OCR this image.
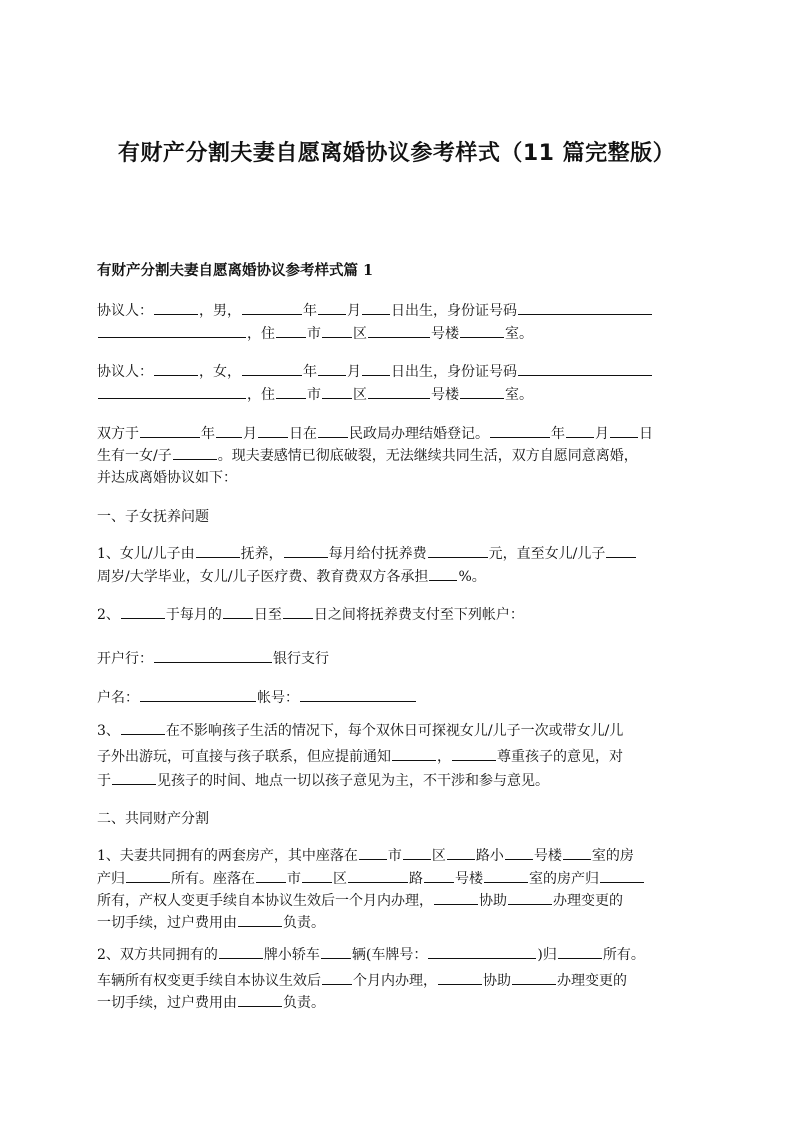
有财产分割夫妻自愿离婚协议参考样式（11 篇完整版）
有财产分割夫妻自愿离婚协议参考样式篇 1
协议人：	，男，	年 月 日出生，身份证号码
，住 市 区	号楼	室。
协议人：	，女，	年 月 日出生，身份证号码
，住 市 区	号楼	室。
双方于	年 月 日在 民政局办理结婚登记。	年 月 日
生有一女/子	。现夫妻感情已彻底破裂，无法继续共同生活，双方自愿同意离婚，
并达成离婚协议如下：
一、子女抚养问题
1、女儿/儿子由	抚养，	每月给付抚养费	元，直至女儿/儿子
周岁/大学毕业，女儿/儿子医疗费、教育费双方各承担 %。
2、	于每月的 日至 日之间将抚养费支付至下列帐户：
开户行：	银行支行
户名：	帐号：
3、	在不影响孩子生活的情况下，每个双休日可探视女儿/儿子一次或带女儿/儿
子外出游玩，可直接与孩子联系，但应提前通知	，	尊重孩子的意见，对
于	见孩子的时间、地点一切以孩子意见为主，不干涉和参与意见。
二、共同财产分割
1、夫妻共同拥有的两套房产，其中座落在 市 区 路小 号楼 室的房
产归	所有。座落在 市 区	路 号楼	室的房产归
所有，产权人变更手续自本协议生效后一个月内办理，	协助	办理变更的
一切手续，过户费用由	负责。
2、双方共同拥有的	牌小轿车 辆(车牌号：	)归	所有。
车辆所有权变更手续自本协议生效后 个月内办理，	协助	办理变更的
一切手续，过户费用由	负责。
